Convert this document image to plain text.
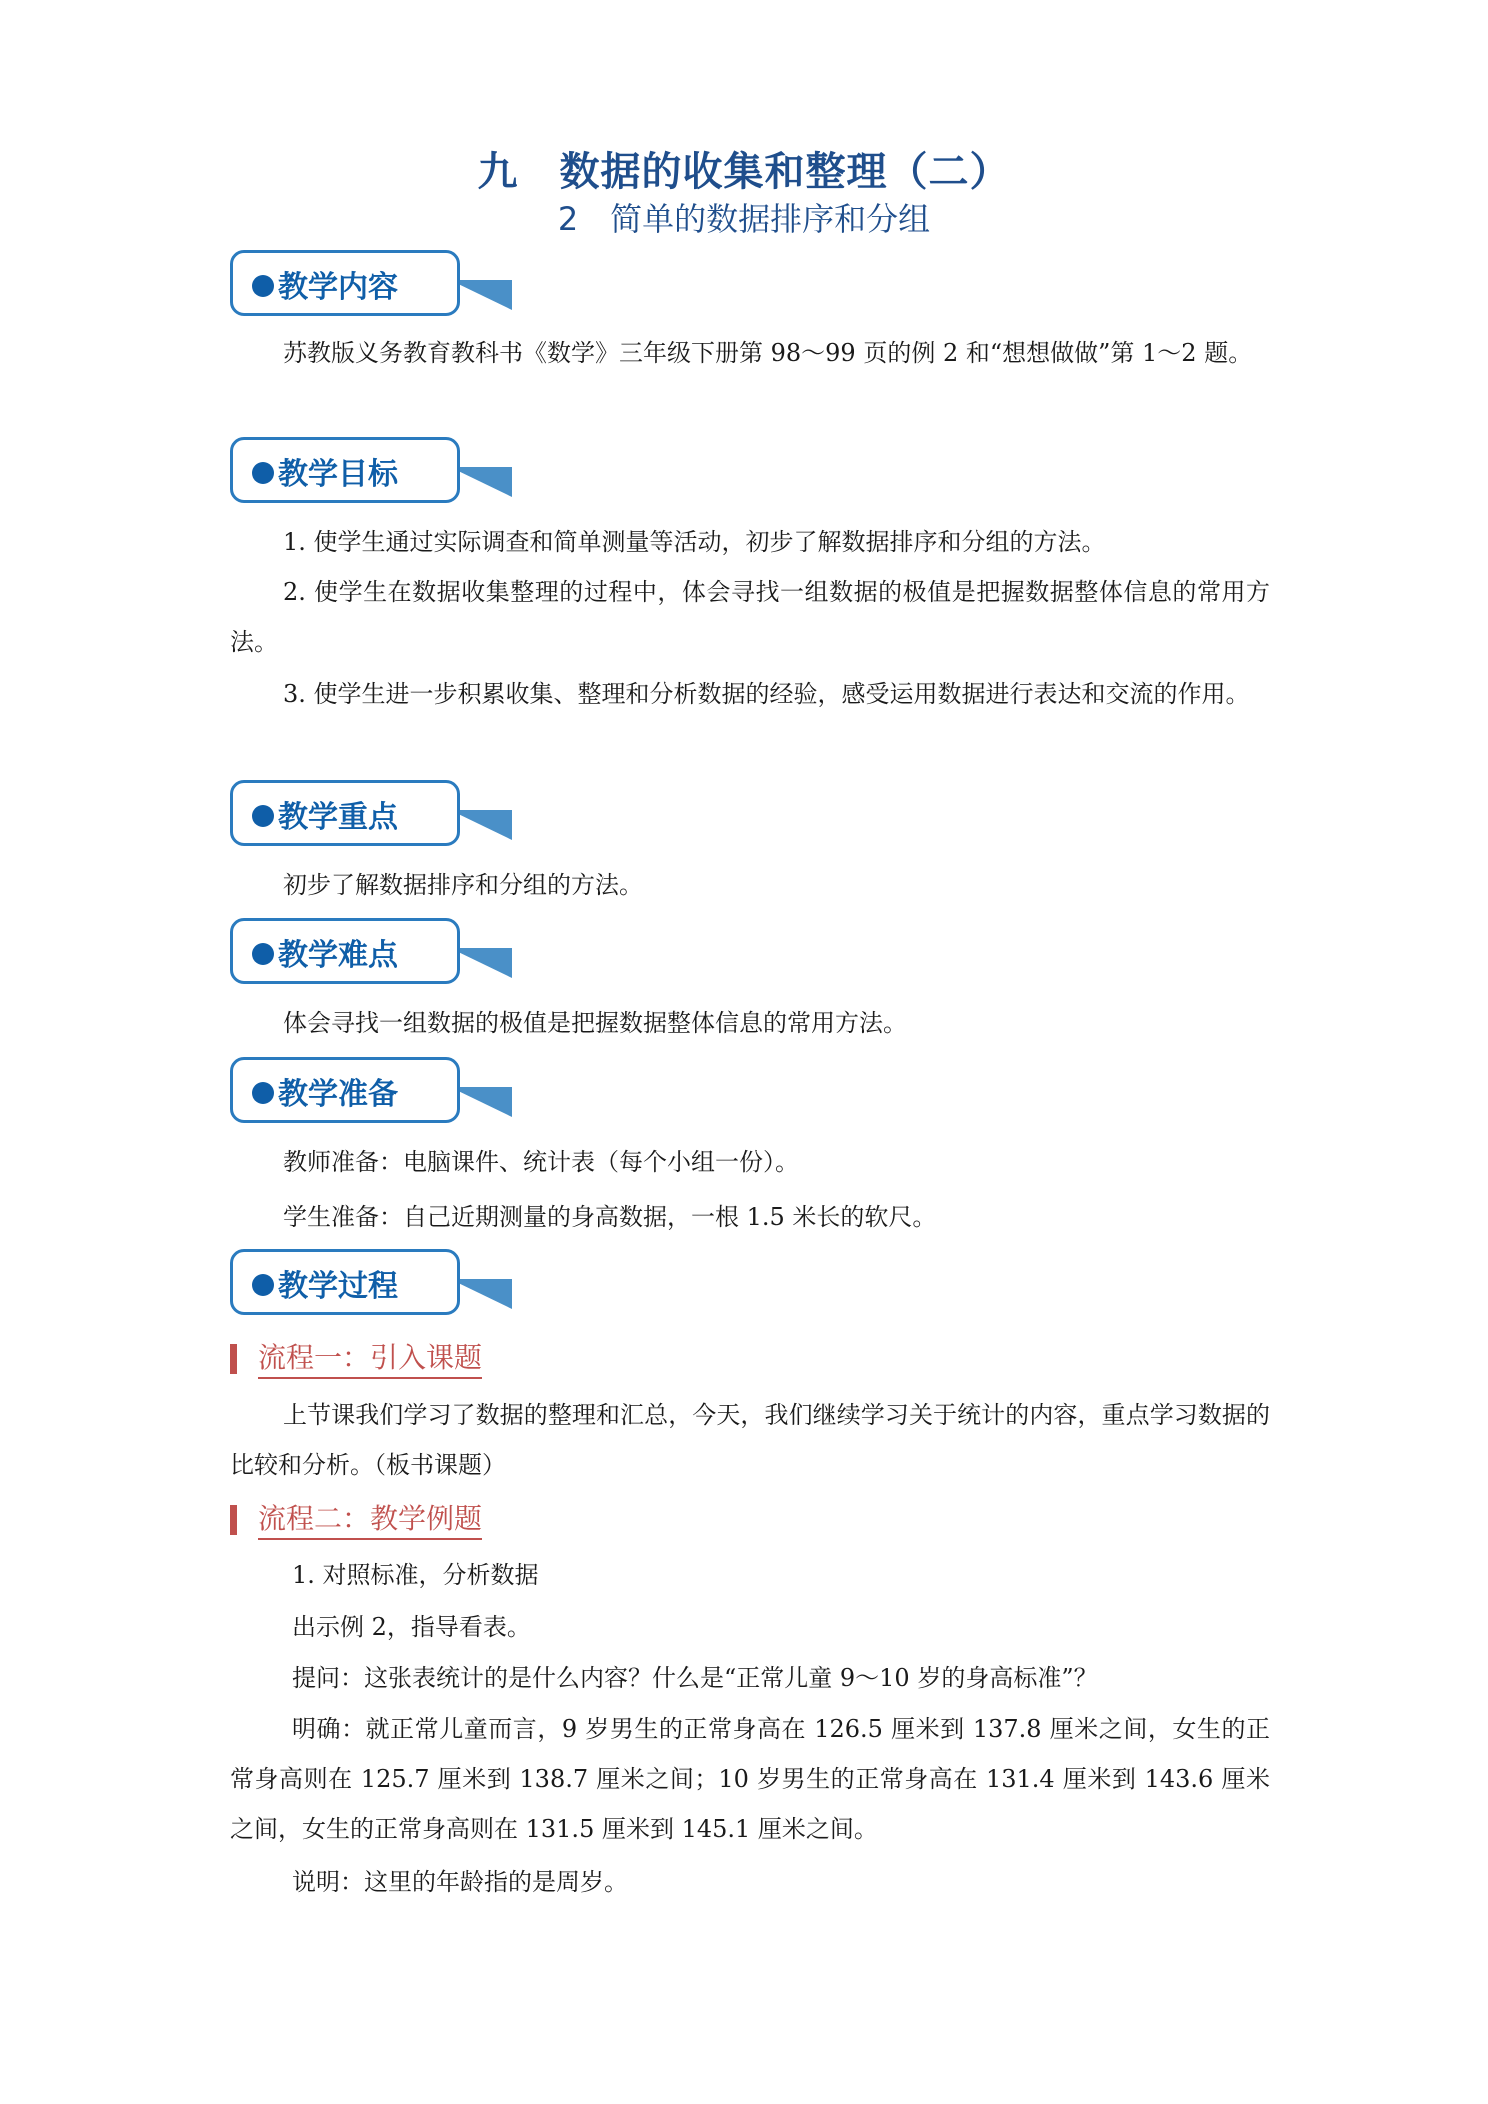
九　数据的收集和整理（二）
2　简单的数据排序和分组
教学内容
苏教版义务教育教科书《数学》三年级下册第 98～99 页的例 2 和“想想做做”第 1～2 题。
教学目标
1. 使学生通过实际调查和简单测量等活动，初步了解数据排序和分组的方法。
2. 使学生在数据收集整理的过程中，体会寻找一组数据的极值是把握数据整体信息的常用方法。
3. 使学生进一步积累收集、整理和分析数据的经验，感受运用数据进行表达和交流的作用。
教学重点
初步了解数据排序和分组的方法。
教学难点
体会寻找一组数据的极值是把握数据整体信息的常用方法。
教学准备
教师准备：电脑课件、统计表（每个小组一份）。
学生准备：自己近期测量的身高数据，一根 1.5 米长的软尺。
教学过程
流程一：引入课题
上节课我们学习了数据的整理和汇总，今天，我们继续学习关于统计的内容，重点学习数据的比较和分析。（板书课题）
流程二：教学例题
1. 对照标准，分析数据
出示例 2，指导看表。
提问：这张表统计的是什么内容？什么是“正常儿童 9～10 岁的身高标准”？
明确：就正常儿童而言，9 岁男生的正常身高在 126.5 厘米到 137.8 厘米之间，女生的正常身高则在 125.7 厘米到 138.7 厘米之间；10 岁男生的正常身高在 131.4 厘米到 143.6 厘米之间，女生的正常身高则在 131.5 厘米到 145.1 厘米之间。
说明：这里的年龄指的是周岁。
